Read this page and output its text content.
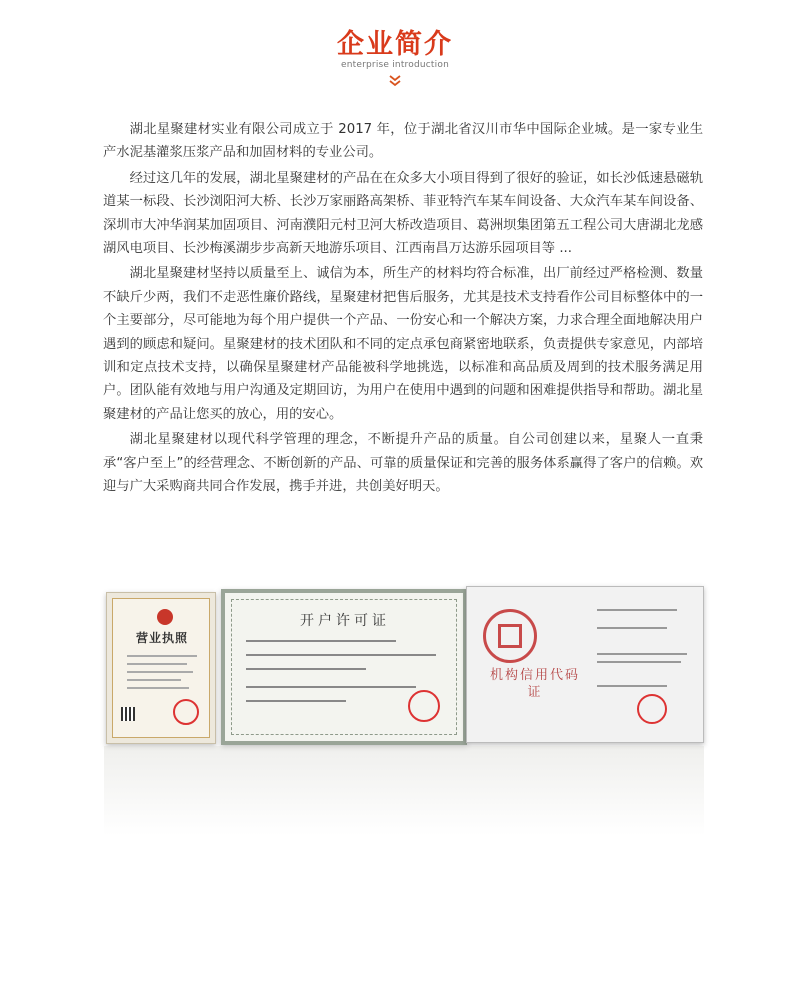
企业简介
enterprise introduction

湖北星聚建材实业有限公司成立于 2017 年，位于湖北省汉川市华中国际企业城。是一家专业生产水泥基灌浆压浆产品和加固材料的专业公司。

经过这几年的发展，湖北星聚建材的产品在在众多大小项目得到了很好的验证，如长沙低速悬磁轨道某一标段、长沙浏阳河大桥、长沙万家丽路高架桥、菲亚特汽车某车间设备、大众汽车某车间设备、深圳市大冲华润某加固项目、河南濮阳元村卫河大桥改造项目、葛洲坝集团第五工程公司大唐湖北龙感湖风电项目、长沙梅溪湖步步高新天地游乐项目、江西南昌万达游乐园项目等 ...

湖北星聚建材坚持以质量至上、诚信为本，所生产的材料均符合标准，出厂前经过严格检测、数量不缺斤少两，我们不走恶性廉价路线，星聚建材把售后服务，尤其是技术支持看作公司目标整体中的一个主要部分，尽可能地为每个用户提供一个产品、一份安心和一个解决方案，力求合理全面地解决用户遇到的顾虑和疑问。星聚建材的技术团队和不同的定点承包商紧密地联系，负责提供专家意见，内部培训和定点技术支持，以确保星聚建材产品能被科学地挑选，以标准和高品质及周到的技术服务满足用户。团队能有效地与用户沟通及定期回访，为用户在使用中遇到的问题和困难提供指导和帮助。湖北星聚建材的产品让您买的放心，用的安心。

湖北星聚建材以现代科学管理的理念，不断提升产品的质量。自公司创建以来，星聚人一直秉承“客户至上”的经营理念、不断创新的产品、可靠的质量保证和完善的服务体系赢得了客户的信赖。欢迎与广大采购商共同合作发展，携手并进，共创美好明天。

营业执照
开户许可证
机构信用代码证
